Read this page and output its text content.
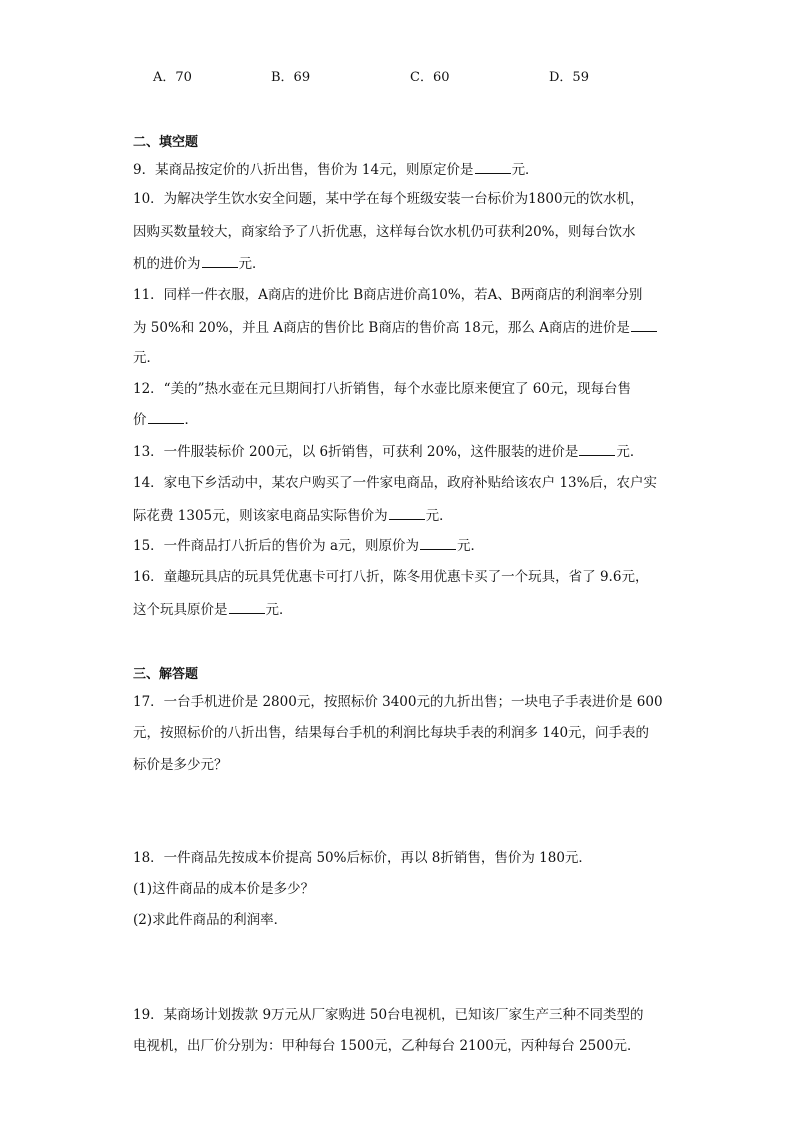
A．70	B．69	C．60	D．59
二、填空题
9．某商品按定价的八折出售，售价为 14元，则原定价是	元．
10．为解决学生饮水安全问题，某中学在每个班级安装一台标价为1800元的饮水机，
因购买数量较大，商家给予了八折优惠，这样每台饮水机仍可获利20%，则每台饮水
机的进价为	元．
11．同样一件衣服，A商店的进价比 B商店进价高10%，若A、B两商店的利润率分别
为 50%和 20%，并且 A商店的售价比 B商店的售价高 18元，那么 A商店的进价是
元．
12．“美的”热水壶在元旦期间打八折销售，每个水壶比原来便宜了 60元，现每台售
价	．
13．一件服装标价 200元，以 6折销售，可获利 20%，这件服装的进价是	元．
14．家电下乡活动中，某农户购买了一件家电商品，政府补贴给该农户 13%后，农户实
际花费 1305元，则该家电商品实际售价为	元．
15．一件商品打八折后的售价为 a元，则原价为	元．
16．童趣玩具店的玩具凭优惠卡可打八折，陈冬用优惠卡买了一个玩具，省了 9.6元，
这个玩具原价是	元．
三、解答题
17．一台手机进价是 2800元，按照标价 3400元的九折出售；一块电子手表进价是 600
元，按照标价的八折出售，结果每台手机的利润比每块手表的利润多 140元，问手表的
标价是多少元？
18．一件商品先按成本价提高 50%后标价，再以 8折销售，售价为 180元．
(1)这件商品的成本价是多少？
(2)求此件商品的利润率．
19．某商场计划拨款 9万元从厂家购进 50台电视机，已知该厂家生产三种不同类型的
电视机，出厂价分别为：甲种每台 1500元，乙种每台 2100元，丙种每台 2500元．
